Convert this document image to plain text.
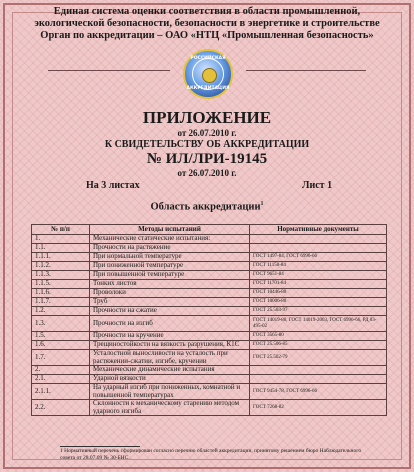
Единая система оценки соответствия в области промышленной,
экологической безопасности, безопасности в энергетике и строительстве
Орган по аккредитации – ОАО «НТЦ «Промышленная безопасность»
РОССИЙСКАЯ
АККРЕДИТАЦИЯ
ПРИЛОЖЕНИЕ
от 26.07.2010 г.
К СВИДЕТЕЛЬСТВУ ОБ АККРЕДИТАЦИИ
№ ИЛ/ЛРИ-19145
от 26.07.2010 г.
На 3 листах	Лист 1
Область аккредитации$^1$
№ п/п	Методы испытаний	Нормативные документы
1.	Механические статические испытания:	
1.1.	Прочности на растяжение	
1.1.1.	При нормальной температуре	ГОСТ 1497-84, ГОСТ 6996-66
1.1.2.	При пониженной температуре	ГОСТ 11150-84
1.1.3.	При повышенной температуре	ГОСТ 9651-84
1.1.5.	Тонких листов	ГОСТ 11701-84
1.1.6.	Проволоки	ГОСТ 10446-80
1.1.7.	Труб	ГОСТ 10006-80
1.2.	Прочности на сжатие	ГОСТ 25.503-97
1.3.	Прочности на изгиб	ГОСТ 14019-80, ГОСТ 14019-2003, ГОСТ 6996-66, РД 03-495-02
1.5.	Прочности на кручение	ГОСТ 3565-80
1.6.	Трещиностойкости на вязкость разрушения, К1С	ГОСТ 25.506-85
1.7.	Усталостной выносливости на усталость при растяжении-сжатии, изгибе, кручении	ГОСТ 25.502-79
2.	Механические динамические испытания	
2.1.	Ударной вязкости	
2.1.1.	На ударный изгиб при пониженных, комнатной и повышенной температурах	ГОСТ 9454-78, ГОСТ 6996-66
2.2.	Склонности к механическому старению методом ударного изгиба	ГОСТ 7268-82
1 Нормативный перечень сформирован согласно перечню областей аккредитации, принятому решением бюро Наблюдательного совета от 28.07.09 № 30-БНС.
